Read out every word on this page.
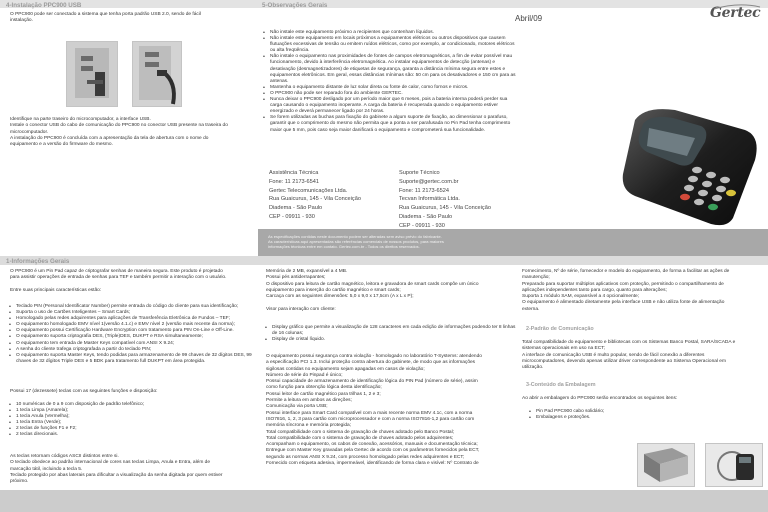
4-Instalação PPC900 USB
O PPC900 pode ser conectado a sistema que tenha porta padrão USB 2.0, sendo de fácil
instalação.
Identifique na parte traseiro do microcomputador, a interface USB.
Instale o conector USB do cabo de comunicação do PPC900 no conector USB presente na traseira do
microcomputador.
A instalação do PPC900 é concluída com a apresentação da tela de abertura com o nome do
equipamento e a versão do firmware do mesmo.
5-Observações Gerais
• Não instale este equipamento próximo a recipientes que contenham líquidos.
• Não instale este equipamento em locais próximos a equipamentos elétricos ou outros dispositivos que causem flutuações excessivas de tensão ou emitem ruídos elétricos, como por exemplo, ar condicionado, motores elétricos ou alta freqüência.
• Não instale o equipamento nas proximidades de fontes de campos eletromagnéticos, a fim de evitar possível mau funcionamento, devido à interferência eletromagnética. Ao instalar equipamentos de detecção (antenas) e desativação (desmagnetizadores) de etiquetas de segurança, garanta a distância mínima segura entre estes e equipamentos eletrônicos. Em geral, essas distâncias mínimas são: 50 cm para os desativadores e 150 cm para as antenas.
• Mantenha o equipamento distante de luz solar direta ou fonte de calor, como fornos e micros.
• O PPC900 não pode ser reparado fora do ambiente GERTEC.
• Nunca deixar o PPC900 desligado por um período maior que 6 meses, pois a bateria interna poderá perder sua carga causando o equipamento inoperante. A carga da bateria é recuperada quando o equipamento estiver energizado e deverá permanecer ligado por 24 horas.
• Se forem utilizadas as buchas para fixação do gabinete a algum suporte de fixação, ao dimensionar o parafuso, garantir que o comprimento do mesmo não permita que a ponta a ser parafusada no Pin Pad tenha comprimento maior que 5 mm, pois caso seja maior danificará o equipamento e comprometerá sua funcionalidade.
Assistência Técnica
Fone: 11 2173-6541
Gertec Telecomunicações Ltda.
Rua Guaicurus, 145 - Vila Conceição
Diadema - São Paulo
CEP - 09911 - 930
Suporte Técnico
Suporte@gertec.com.br
Fone: 11 2173-6524
Tecvan Informática Ltda.
Rua Guaicurus, 145 - Vila Conceição
Diadema - São Paulo
CEP - 09911 - 930
As especificações contidas neste documento podem ser alteradas sem aviso prévio do fabricante.
As características aqui apresentadas são referências comerciais de nossos produtos, para maiores
informações técnicas entre em contato. Gertec.com.br - Todos os direitos reservados.
Abril/09	Gertec
1-Informações Gerais
O PPC900 é um Pin Pad capaz de criptografar senhas de maneira segura. Este produto é projetado
para assistir operações de entrada de senhas para TEF e também permitir a interação com o usuário.

Entre suas principais características estão:
• Teclado PIN (Personal Identificator Number) permite entrada do código do cliente para sua identificação;
• Suporta o uso de Cartões Inteligentes – Smart Cards;
• Homologado pelas redes adquirentes para aplicações de Transferência Eletrônica de Fundos – TEF;
• O equipamento homologado EMV nível 1(versão 4.1.c) e EMV nível 2 (versão mais recente da norma);
• O equipamento possui Certificação Hardware Encryption com tratamento para PIN On-Line e Off-Line.
• O equipamento suporta criptografia DES, (Triple)DES, DUKPT e RSA simultaneamente;
• O equipamento tem entrada de Master Keys compatível com ANSI X 9.24;
• A senha do cliente trafega criptografada a partir do teclado PIN;
• O equipamento suporta Master Keys, tendo podidas para armazenamento de 99 chaves de 32 dígitos DES, 99 chaves de 32 dígitos Triple DES e 5 BDK para tratamento full DUKPT em área protegida.
Possui 17 (dezessete) teclas com as seguintes funções e disposição:
• 10 numéricas de 0 a 9 com disposição de padrão telefônico;
• 1 tecla Limpa (Amarela);
• 1 tecla Anula (Vermelha);
• 1 tecla Entra (Verde);
• 2 teclas de funções F1 e F2;
• 2 teclas direcionais.
As teclas retornam códigos ASCII distintos entre si.
O teclado obedece ao padrão internacional de cores nas teclas Limpa, Anula e Entra, além de
marcação tátil, incluindo a tecla 5.
Teclado protegido por abas laterais para dificultar a visualização da senha digitada por quem estiver
próximo.
Memória de 2 MB, expansível a 4 MB.
Possui pés antiderrapantes;
O dispositivo para leitura de cartão magnético, leitora e gravadora de smart cards compõe um único
equipamento para inserção do cartão magnético e smart cards;
Carcaça com as seguintes dimensões: 5,0 x 9,0 x 17,5cm (A x L x P);

Visor para interação com cliente:
• Display gráfico que permite a visualização de 128 caracteres em cada edição de informações podendo ter 8 linhas de 16 colunas;
• Display de cristal líquido.
O equipamento possui segurança contra violação - homologado no laboratório T-Systems: atendendo
a especificação PCI 1.3. Inclui proteção contra abertura do gabinete, de modo que as informações
sigilosas contidas no equipamento sejam apagadas em casos de violação;
Número de série do Pinpad é único;
Possui capacidade de armazenamento de identificação lógica do PIN Pad (número de série), assim
como função para obtenção lógica desta identificação;
Possui leitor de cartão magnético para trilhas 1, 2 e 3;
Permite a leitura em ambos as direções;
Comunicação via porta USB;
Possui interface para Smart Card compatível com a mais recente norma EMV 4.1c, com a norma
ISO7816, 1, 2, 3 para cartão com microprocessador e com a norma ISO7816-1,2 para cartão com
memória síncrona e memória protegida;
Total compatibilidade com o sistema de gravação de chaves adotado pelo Banco Postal;
Total compatibilidade com o sistema de gravação de chaves adotado pelos adquirentes;
Acompanham o equipamento, os cabos de conexão, acessórios, manuais e documentação técnica;
Entregue com Master Key gravadas pela Gertec de acordo com os parâmetros fornecidos pela ECT,
segundo as normas ANSI X 9.24, com processo homologado pelas redes adquirentes e ECT;
Fornecido com etiqueta adesiva, impermeável, identificando de forma clara e visível: Nº Contrato de
Fornecimento, Nº de série, fornecedor e modelo do equipamento, de forma a facilitar as ações de
manutenção;
Preparado para suportar múltiplos aplicativos com proteção, permitindo o compartilhamento de
aplicações independentes tanto para cargo, quanto para alterações;
Suporta 1 módulo SAM, expansível a 4 opcionalmente;
O equipamento é alimentado diretamente pela interface USB e não utiliza fonte de alimentação
externa.
2-Padrão de Comunicação
Total compatibilidade do equipamento e bibliotecas com os Sistemas Banco Postal, SARA/SCADA e
sistemas operacionais em uso na ECT;
A interface de comunicação USB é multo popular, sendo de fácil conexão a diferentes
microcomputadores, devendo apenas utilizar driver correspondente ao Sistema Operacional em
utilização.
3-Conteúdo da Embalagem
Ao abrir a embalagem do PPC900 serão encontrados os seguintes itens:
• Pin Pad PPC900 cabo solidário;
• Embalagens e proteções.
